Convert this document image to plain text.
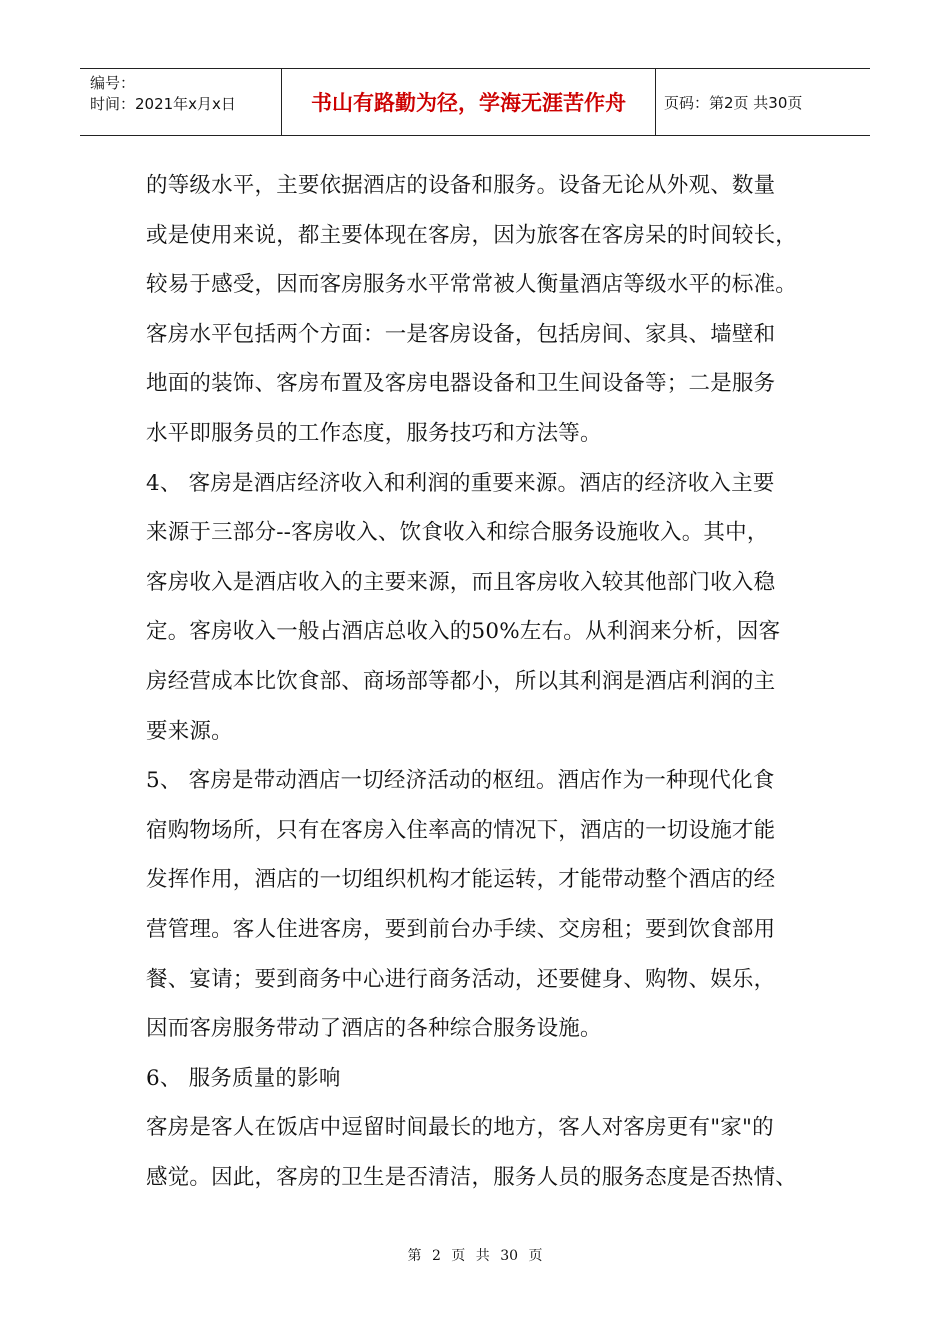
编号：
时间：2021年x月x日	书山有路勤为径，学海无涯苦作舟	页码：第2页 共30页
的等级水平，主要依据酒店的设备和服务。设备无论从外观、数量
或是使用来说，都主要体现在客房，因为旅客在客房呆的时间较长，
较易于感受，因而客房服务水平常常被人衡量酒店等级水平的标准。
客房水平包括两个方面：一是客房设备，包括房间、家具、墙壁和
地面的装饰、客房布置及客房电器设备和卫生间设备等；二是服务
水平即服务员的工作态度，服务技巧和方法等。
4、 客房是酒店经济收入和利润的重要来源。酒店的经济收入主要
来源于三部分--客房收入、饮食收入和综合服务设施收入。其中，
客房收入是酒店收入的主要来源，而且客房收入较其他部门收入稳
定。客房收入一般占酒店总收入的50%左右。从利润来分析，因客
房经营成本比饮食部、商场部等都小，所以其利润是酒店利润的主
要来源。
5、 客房是带动酒店一切经济活动的枢纽。酒店作为一种现代化食
宿购物场所，只有在客房入住率高的情况下，酒店的一切设施才能
发挥作用，酒店的一切组织机构才能运转，才能带动整个酒店的经
营管理。客人住进客房，要到前台办手续、交房租；要到饮食部用
餐、宴请；要到商务中心进行商务活动，还要健身、购物、娱乐，
因而客房服务带动了酒店的各种综合服务设施。
6、 服务质量的影响
客房是客人在饭店中逗留时间最长的地方，客人对客房更有"家"的
感觉。因此，客房的卫生是否清洁，服务人员的服务态度是否热情、
第 2 页 共 30 页
